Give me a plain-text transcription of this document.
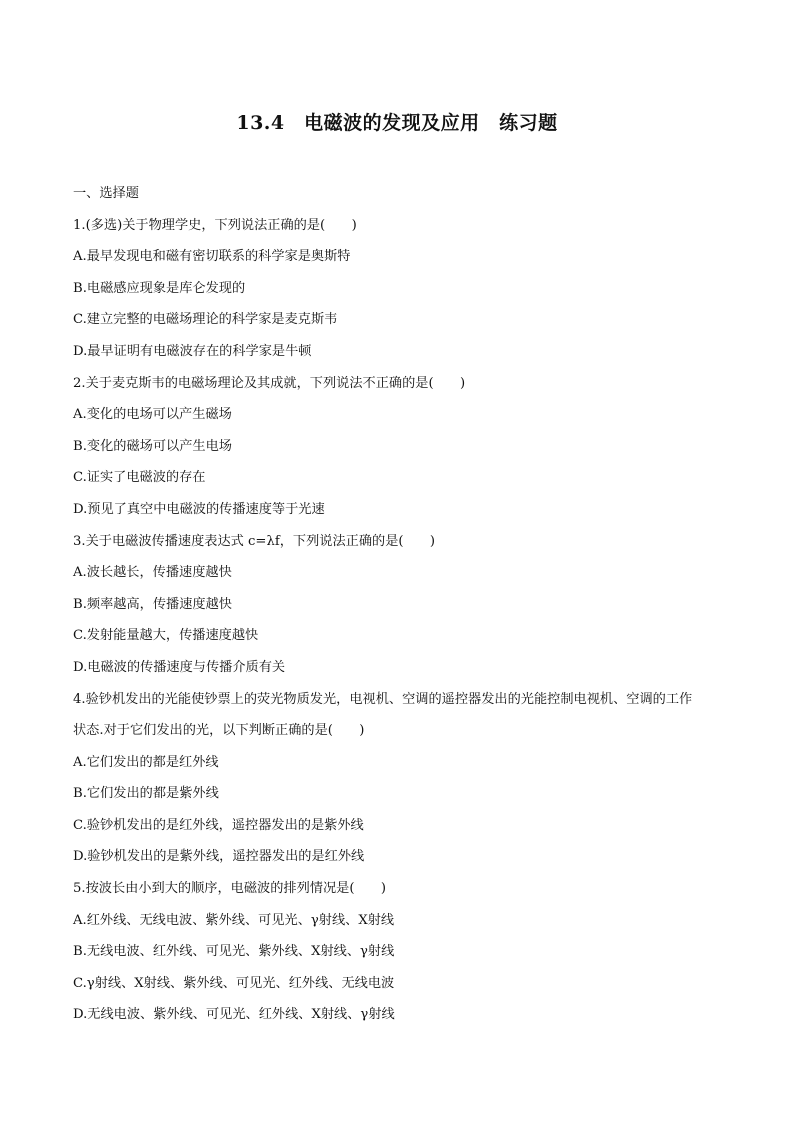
13.4　电磁波的发现及应用　练习题

一、选择题

1.(多选)关于物理学史，下列说法正确的是(　　)

A.最早发现电和磁有密切联系的科学家是奥斯特

B.电磁感应现象是库仑发现的

C.建立完整的电磁场理论的科学家是麦克斯韦

D.最早证明有电磁波存在的科学家是牛顿

2.关于麦克斯韦的电磁场理论及其成就，下列说法不正确的是(　　)

A.变化的电场可以产生磁场

B.变化的磁场可以产生电场

C.证实了电磁波的存在

D.预见了真空中电磁波的传播速度等于光速

3.关于电磁波传播速度表达式 c=λf，下列说法正确的是(　　)

A.波长越长，传播速度越快

B.频率越高，传播速度越快

C.发射能量越大，传播速度越快

D.电磁波的传播速度与传播介质有关

4.验钞机发出的光能使钞票上的荧光物质发光，电视机、空调的遥控器发出的光能控制电视机、空调的工作

状态.对于它们发出的光，以下判断正确的是(　　)

A.它们发出的都是红外线

B.它们发出的都是紫外线

C.验钞机发出的是红外线，遥控器发出的是紫外线

D.验钞机发出的是紫外线，遥控器发出的是红外线

5.按波长由小到大的顺序，电磁波的排列情况是(　　)

A.红外线、无线电波、紫外线、可见光、γ射线、X射线

B.无线电波、红外线、可见光、紫外线、X射线、γ射线

C.γ射线、X射线、紫外线、可见光、红外线、无线电波

D.无线电波、紫外线、可见光、红外线、X射线、γ射线
